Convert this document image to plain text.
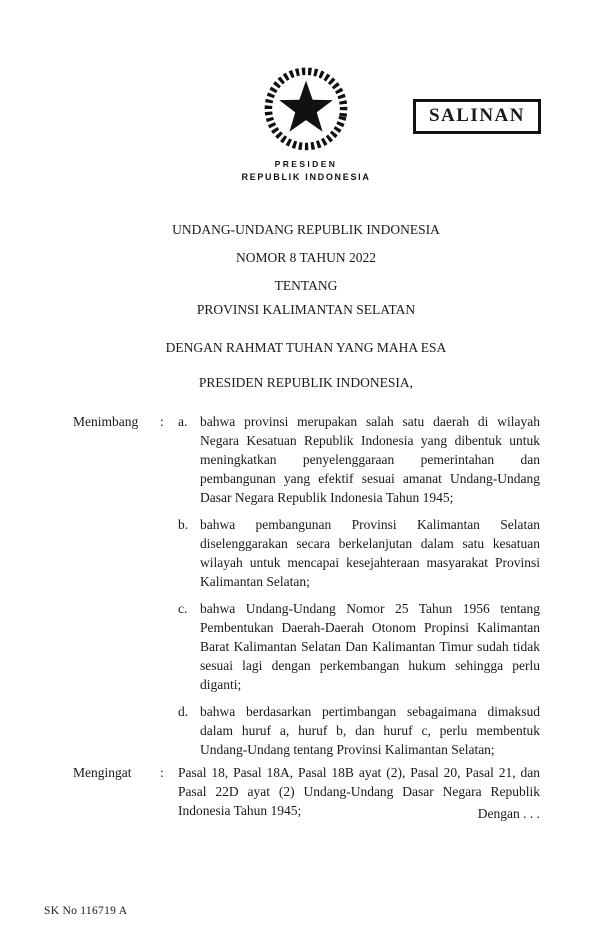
SALINAN
PRESIDEN
REPUBLIK INDONESIA

UNDANG-UNDANG REPUBLIK INDONESIA

NOMOR 8 TAHUN 2022

TENTANG

PROVINSI KALIMANTAN SELATAN

DENGAN RAHMAT TUHAN YANG MAHA ESA

PRESIDEN REPUBLIK INDONESIA,

Menimbang	:	a. bahwa provinsi merupakan salah satu daerah di wilayah Negara Kesatuan Republik Indonesia yang dibentuk untuk meningkatkan penyelenggaraan pemerintahan dan pembangunan yang efektif sesuai amanat Undang-Undang Dasar Negara Republik Indonesia Tahun 1945;
b. bahwa pembangunan Provinsi Kalimantan Selatan diselenggarakan secara berkelanjutan dalam satu kesatuan wilayah untuk mencapai kesejahteraan masyarakat Provinsi Kalimantan Selatan;
c. bahwa Undang-Undang Nomor 25 Tahun 1956 tentang Pembentukan Daerah-Daerah Otonom Propinsi Kalimantan Barat Kalimantan Selatan Dan Kalimantan Timur sudah tidak sesuai lagi dengan perkembangan hukum sehingga perlu diganti;
d. bahwa berdasarkan pertimbangan sebagaimana dimaksud dalam huruf a, huruf b, dan huruf c, perlu membentuk Undang-Undang tentang Provinsi Kalimantan Selatan;
Mengingat	:	Pasal 18, Pasal 18A, Pasal 18B ayat (2), Pasal 20, Pasal 21, dan Pasal 22D ayat (2) Undang-Undang Dasar Negara Republik Indonesia Tahun 1945;	Dengan . . .
SK No 116719 A
